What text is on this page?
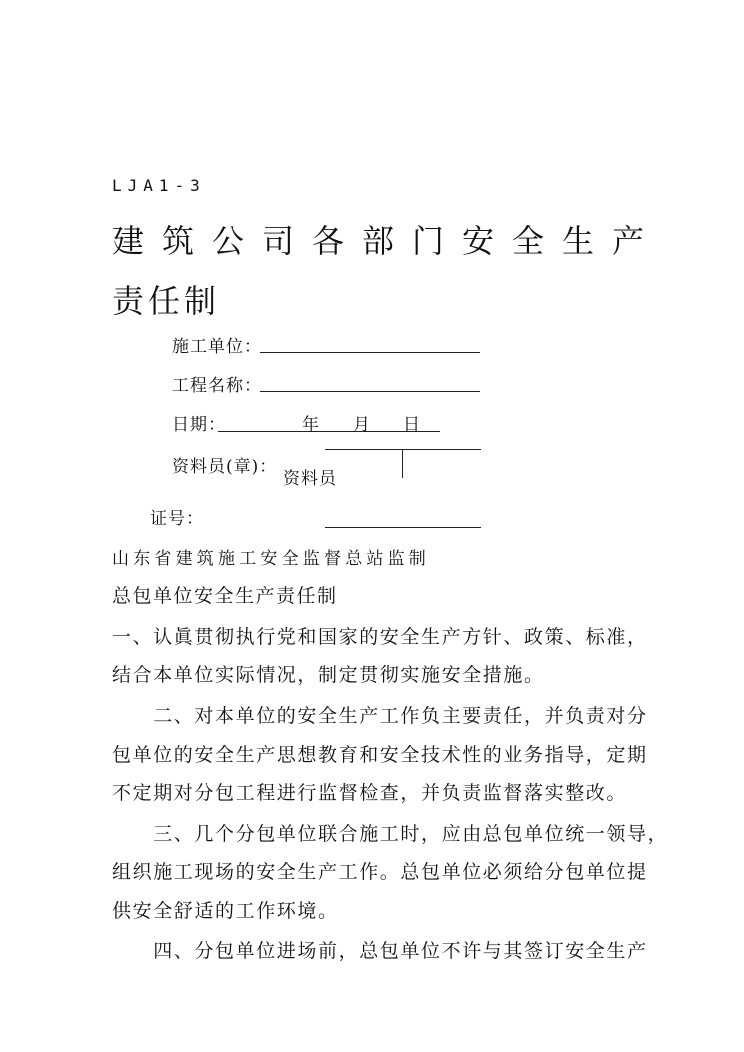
LJA1-3
建筑公司各部门安全生产
责任制
施工单位：
工程名称：
日期：	年 月 日
资料员(章)：
资料员
证号：
山东省建筑施工安全监督总站监制
总包单位安全生产责任制
一、认眞贯彻执行党和国家的安全生产方针、政策、标准，
结合本单位实际情况，制定贯彻实施安全措施。
　　二、对本单位的安全生产工作负主要责任，并负责对分
包单位的安全生产思想教育和安全技术性的业务指导，定期
不定期对分包工程进行监督检查，并负责监督落实整改。
　　三、几个分包单位联合施工时，应由总包单位统一领导，
组织施工现场的安全生产工作。总包单位必须给分包单位提
供安全舒适的工作环境。
　　四、分包单位进场前，总包单位不许与其签订安全生产
